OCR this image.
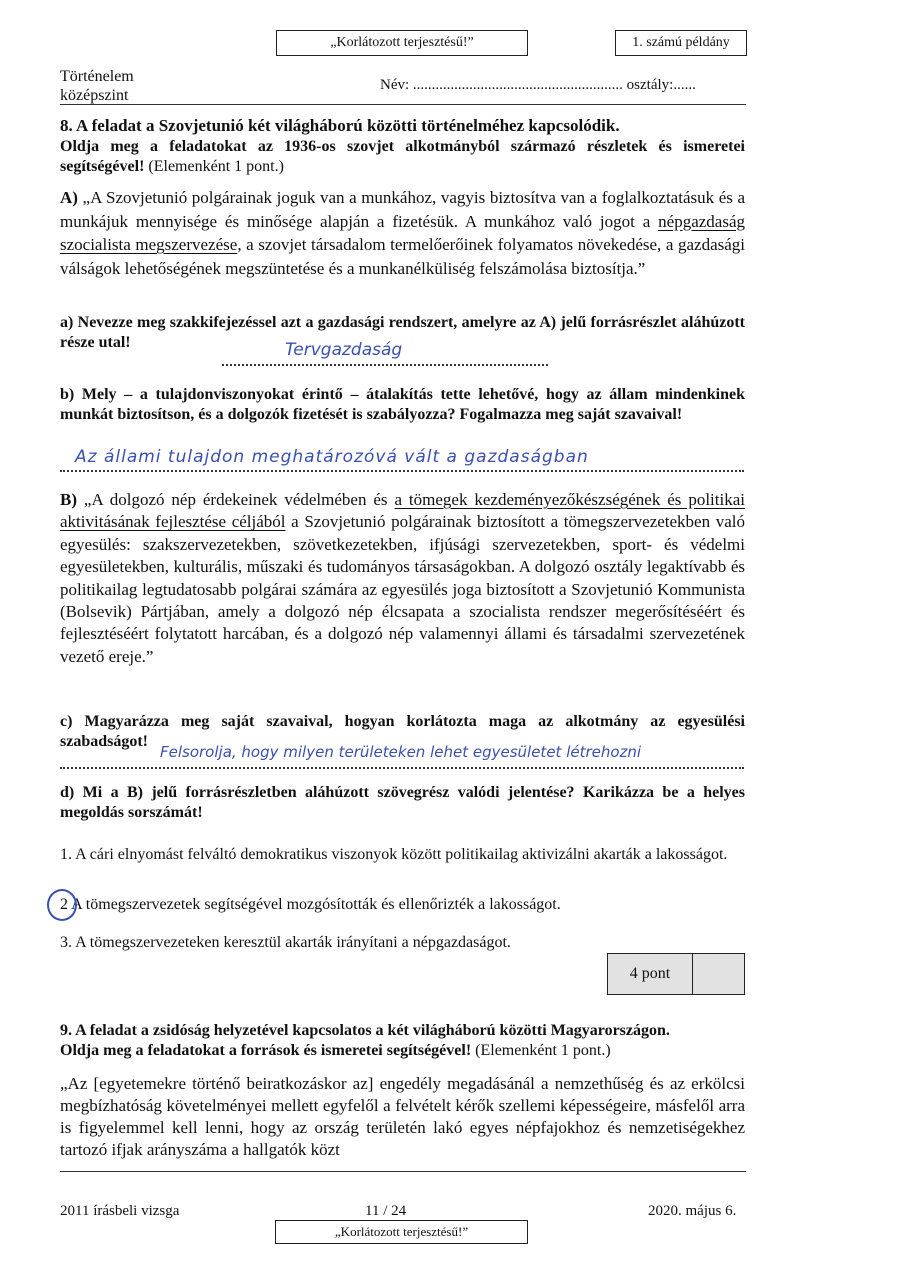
„Korlátozott terjesztésű!”	1. számú példány
Történelem
középszint
Név: ........................................................ osztály:......
8. A feladat a Szovjetunió két világháború közötti történelméhez kapcsolódik.
Oldja meg a feladatokat az 1936-os szovjet alkotmányból származó részletek és ismeretei segítségével! (Elemenként 1 pont.)
A) „A Szovjetunió polgárainak joguk van a munkához, vagyis biztosítva van a foglalkoztatásuk és a munkájuk mennyisége és minősége alapján a fizetésük. A munkához való jogot a népgazdaság szocialista megszervezése, a szovjet társadalom termelőerőinek folyamatos növekedése, a gazdasági válságok lehetőségének megszüntetése és a munkanélküliség felszámolása biztosítja.”
a) Nevezze meg szakkifejezéssel azt a gazdasági rendszert, amelyre az A) jelű forrásrészlet aláhúzott része utal!	Tervgazdaság
b) Mely – a tulajdonviszonyokat érintő – átalakítás tette lehetővé, hogy az állam mindenkinek munkát biztosítson, és a dolgozók fizetését is szabályozza? Fogalmazza meg saját szavaival!
Az állami tulajdon meghatározóvá vált a gazdaságban
B) „A dolgozó nép érdekeinek védelmében és a tömegek kezdeményezőkészségének és politikai aktivitásának fejlesztése céljából a Szovjetunió polgárainak biztosított a tömegszervezetekben való egyesülés: szakszervezetekben, szövetkezetekben, ifjúsági szervezetekben, sport- és védelmi egyesületekben, kulturális, műszaki és tudományos társaságokban. A dolgozó osztály legaktívabb és politikailag legtudatosabb polgárai számára az egyesülés joga biztosított a Szovjetunió Kommunista (Bolsevik) Pártjában, amely a dolgozó nép élcsapata a szocialista rendszer megerősítéséért és fejlesztéséért folytatott harcában, és a dolgozó nép valamennyi állami és társadalmi szervezetének vezető ereje.”
c) Magyarázza meg saját szavaival, hogyan korlátozta maga az alkotmány az egyesülési szabadságot!
Felsorolja, hogy milyen területeken lehet egyesületet létrehozni
d) Mi a B) jelű forrásrészletben aláhúzott szövegrész valódi jelentése? Karikázza be a helyes megoldás sorszámát!
1. A cári elnyomást felváltó demokratikus viszonyok között politikailag aktivizálni akarták a lakosságot.
2 A tömegszervezetek segítségével mozgósították és ellenőrizték a lakosságot.
3. A tömegszervezeteken keresztül akarták irányítani a népgazdaságot.
4 pont
9. A feladat a zsidóság helyzetével kapcsolatos a két világháború közötti Magyarországon.
Oldja meg a feladatokat a források és ismeretei segítségével! (Elemenként 1 pont.)
„Az [egyetemekre történő beiratkozáskor az] engedély megadásánál a nemzethűség és az erkölcsi megbízhatóság követelményei mellett egyfelől a felvételt kérők szellemi képességeire, másfelől arra is figyelemmel kell lenni, hogy az ország területén lakó egyes népfajokhoz és nemzetiségekhez tartozó ifjak arányszáma a hallgatók közt
2011 írásbeli vizsga	11 / 24	2020. május 6.
„Korlátozott terjesztésű!”
